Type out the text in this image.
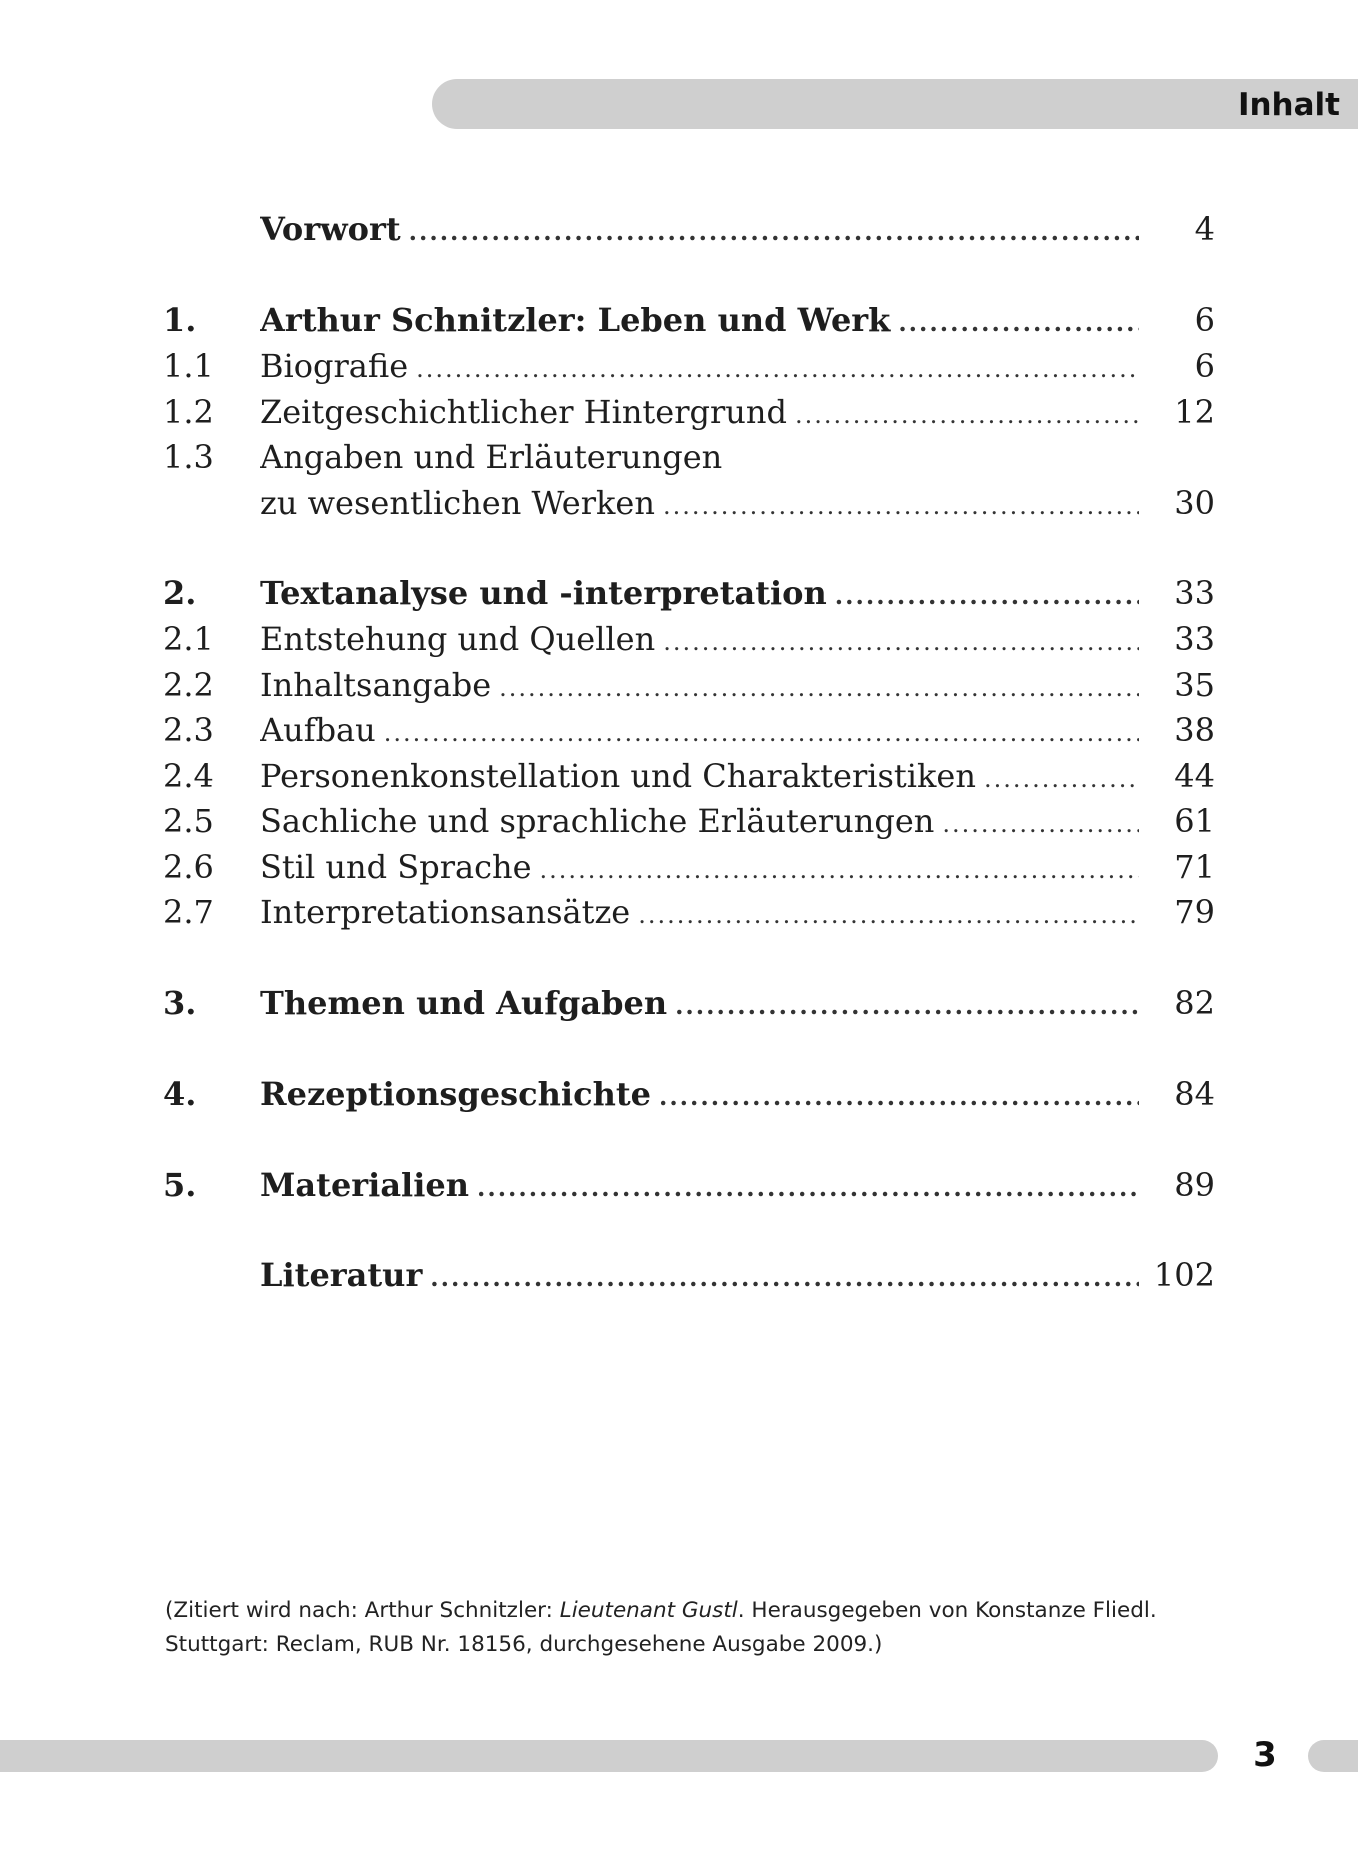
Inhalt
Vorwort .....	4
1.	Arthur Schnitzler: Leben und Werk .....	6
1.1	Biografie .....	6
1.2	Zeitgeschichtlicher Hintergrund .....	12
1.3	Angaben und Erläuterungen
zu wesentlichen Werken .....	30
2.	Textanalyse und -interpretation .....	33
2.1	Entstehung und Quellen .....	33
2.2	Inhaltsangabe .....	35
2.3	Aufbau .....	38
2.4	Personenkonstellation und Charakteristiken .....	44
2.5	Sachliche und sprachliche Erläuterungen .....	61
2.6	Stil und Sprache .....	71
2.7	Interpretationsansätze .....	79
3.	Themen und Aufgaben .....	82
4.	Rezeptionsgeschichte .....	84
5.	Materialien .....	89
Literatur .....	102
(Zitiert wird nach: Arthur Schnitzler: Lieutenant Gustl. Herausgegeben von Konstanze Fliedl. Stuttgart: Reclam, RUB Nr. 18156, durchgesehene Ausgabe 2009.)
3
